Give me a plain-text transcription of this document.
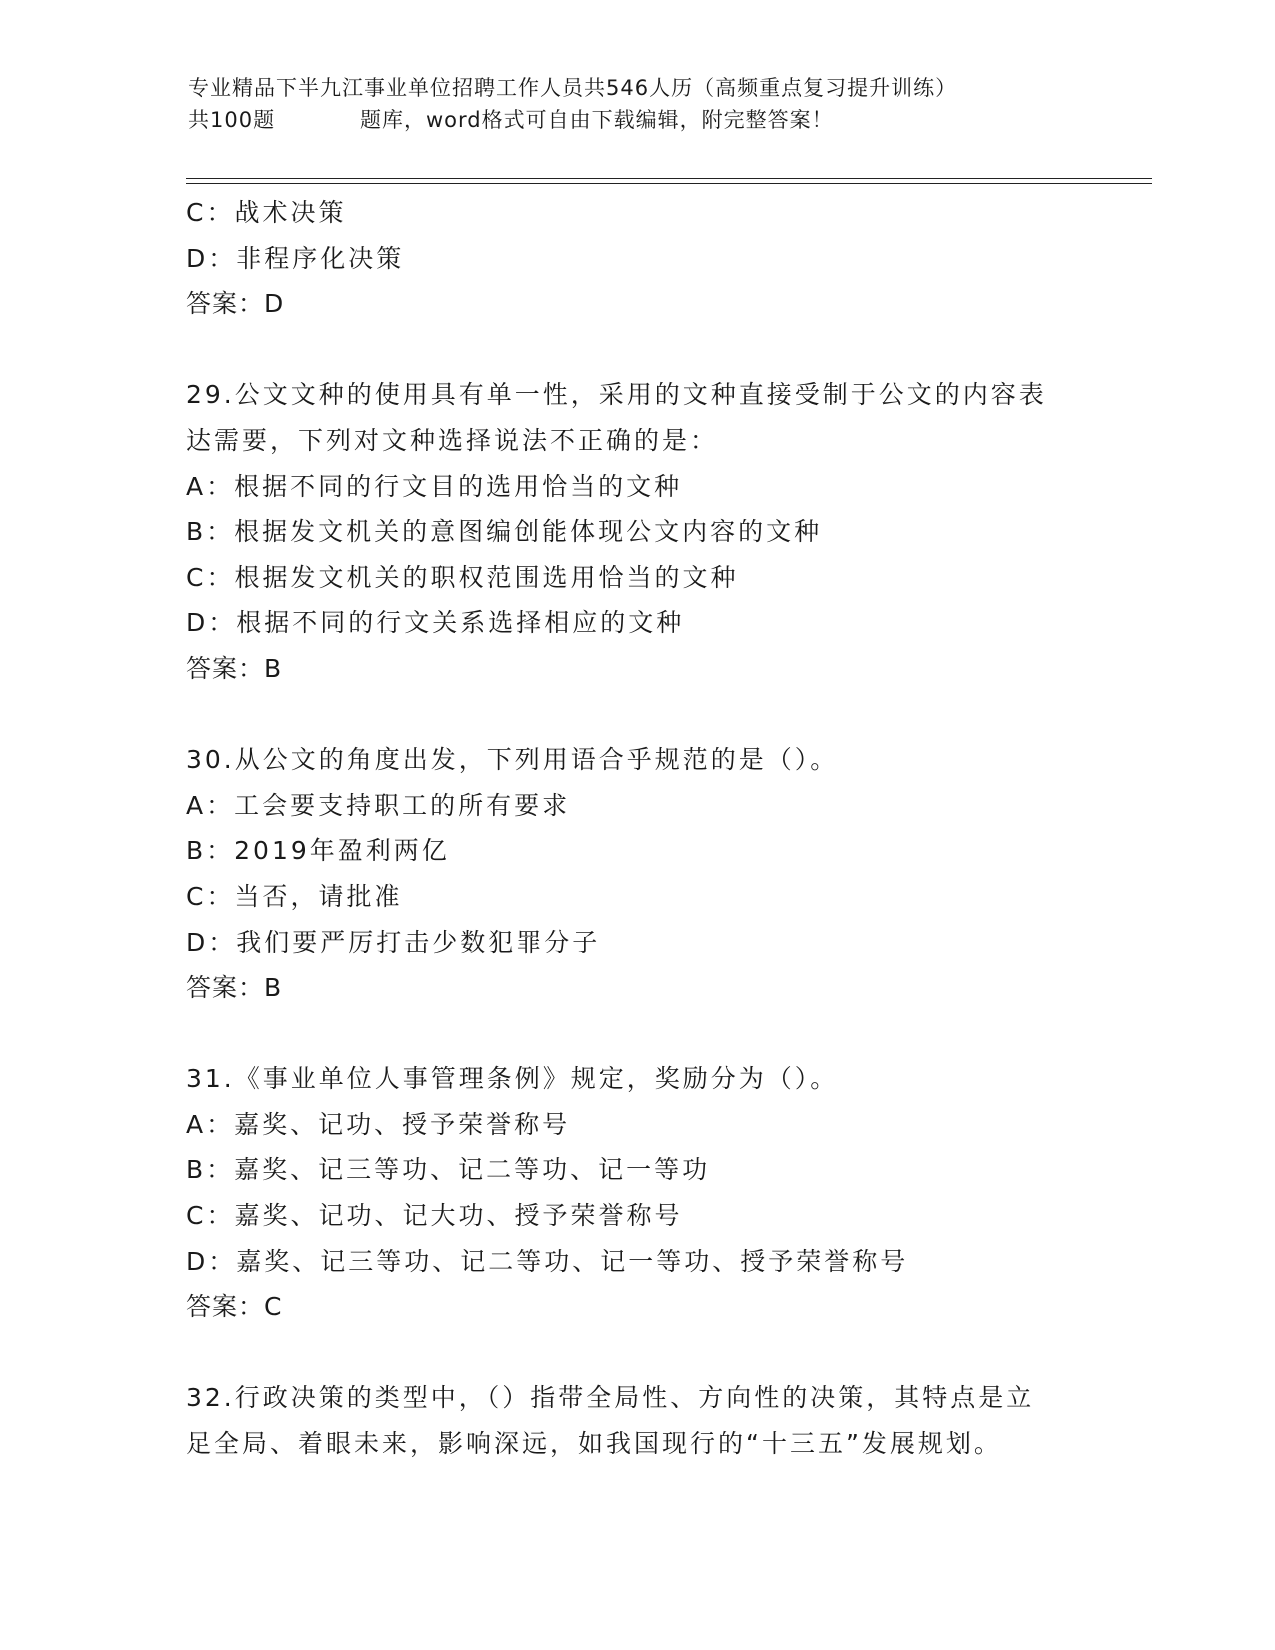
专业精品下半九江事业单位招聘工作人员共546人历（高频重点复习提升训练）
共100题	题库，word格式可自由下载编辑，附完整答案！
C：战术决策
D：非程序化决策
答案：D
29.公文文种的使用具有单一性，采用的文种直接受制于公文的内容表
达需要，下列对文种选择说法不正确的是：
A：根据不同的行文目的选用恰当的文种
B：根据发文机关的意图编创能体现公文内容的文种
C：根据发文机关的职权范围选用恰当的文种
D：根据不同的行文关系选择相应的文种
答案：B
30.从公文的角度出发，下列用语合乎规范的是（）。
A：工会要支持职工的所有要求
B：2019年盈利两亿
C：当否，请批准
D：我们要严厉打击少数犯罪分子
答案：B
31.《事业单位人事管理条例》规定，奖励分为（）。
A：嘉奖、记功、授予荣誉称号
B：嘉奖、记三等功、记二等功、记一等功
C：嘉奖、记功、记大功、授予荣誉称号
D：嘉奖、记三等功、记二等功、记一等功、授予荣誉称号
答案：C
32.行政决策的类型中，（）指带全局性、方向性的决策，其特点是立
足全局、着眼未来，影响深远，如我国现行的“十三五”发展规划。
